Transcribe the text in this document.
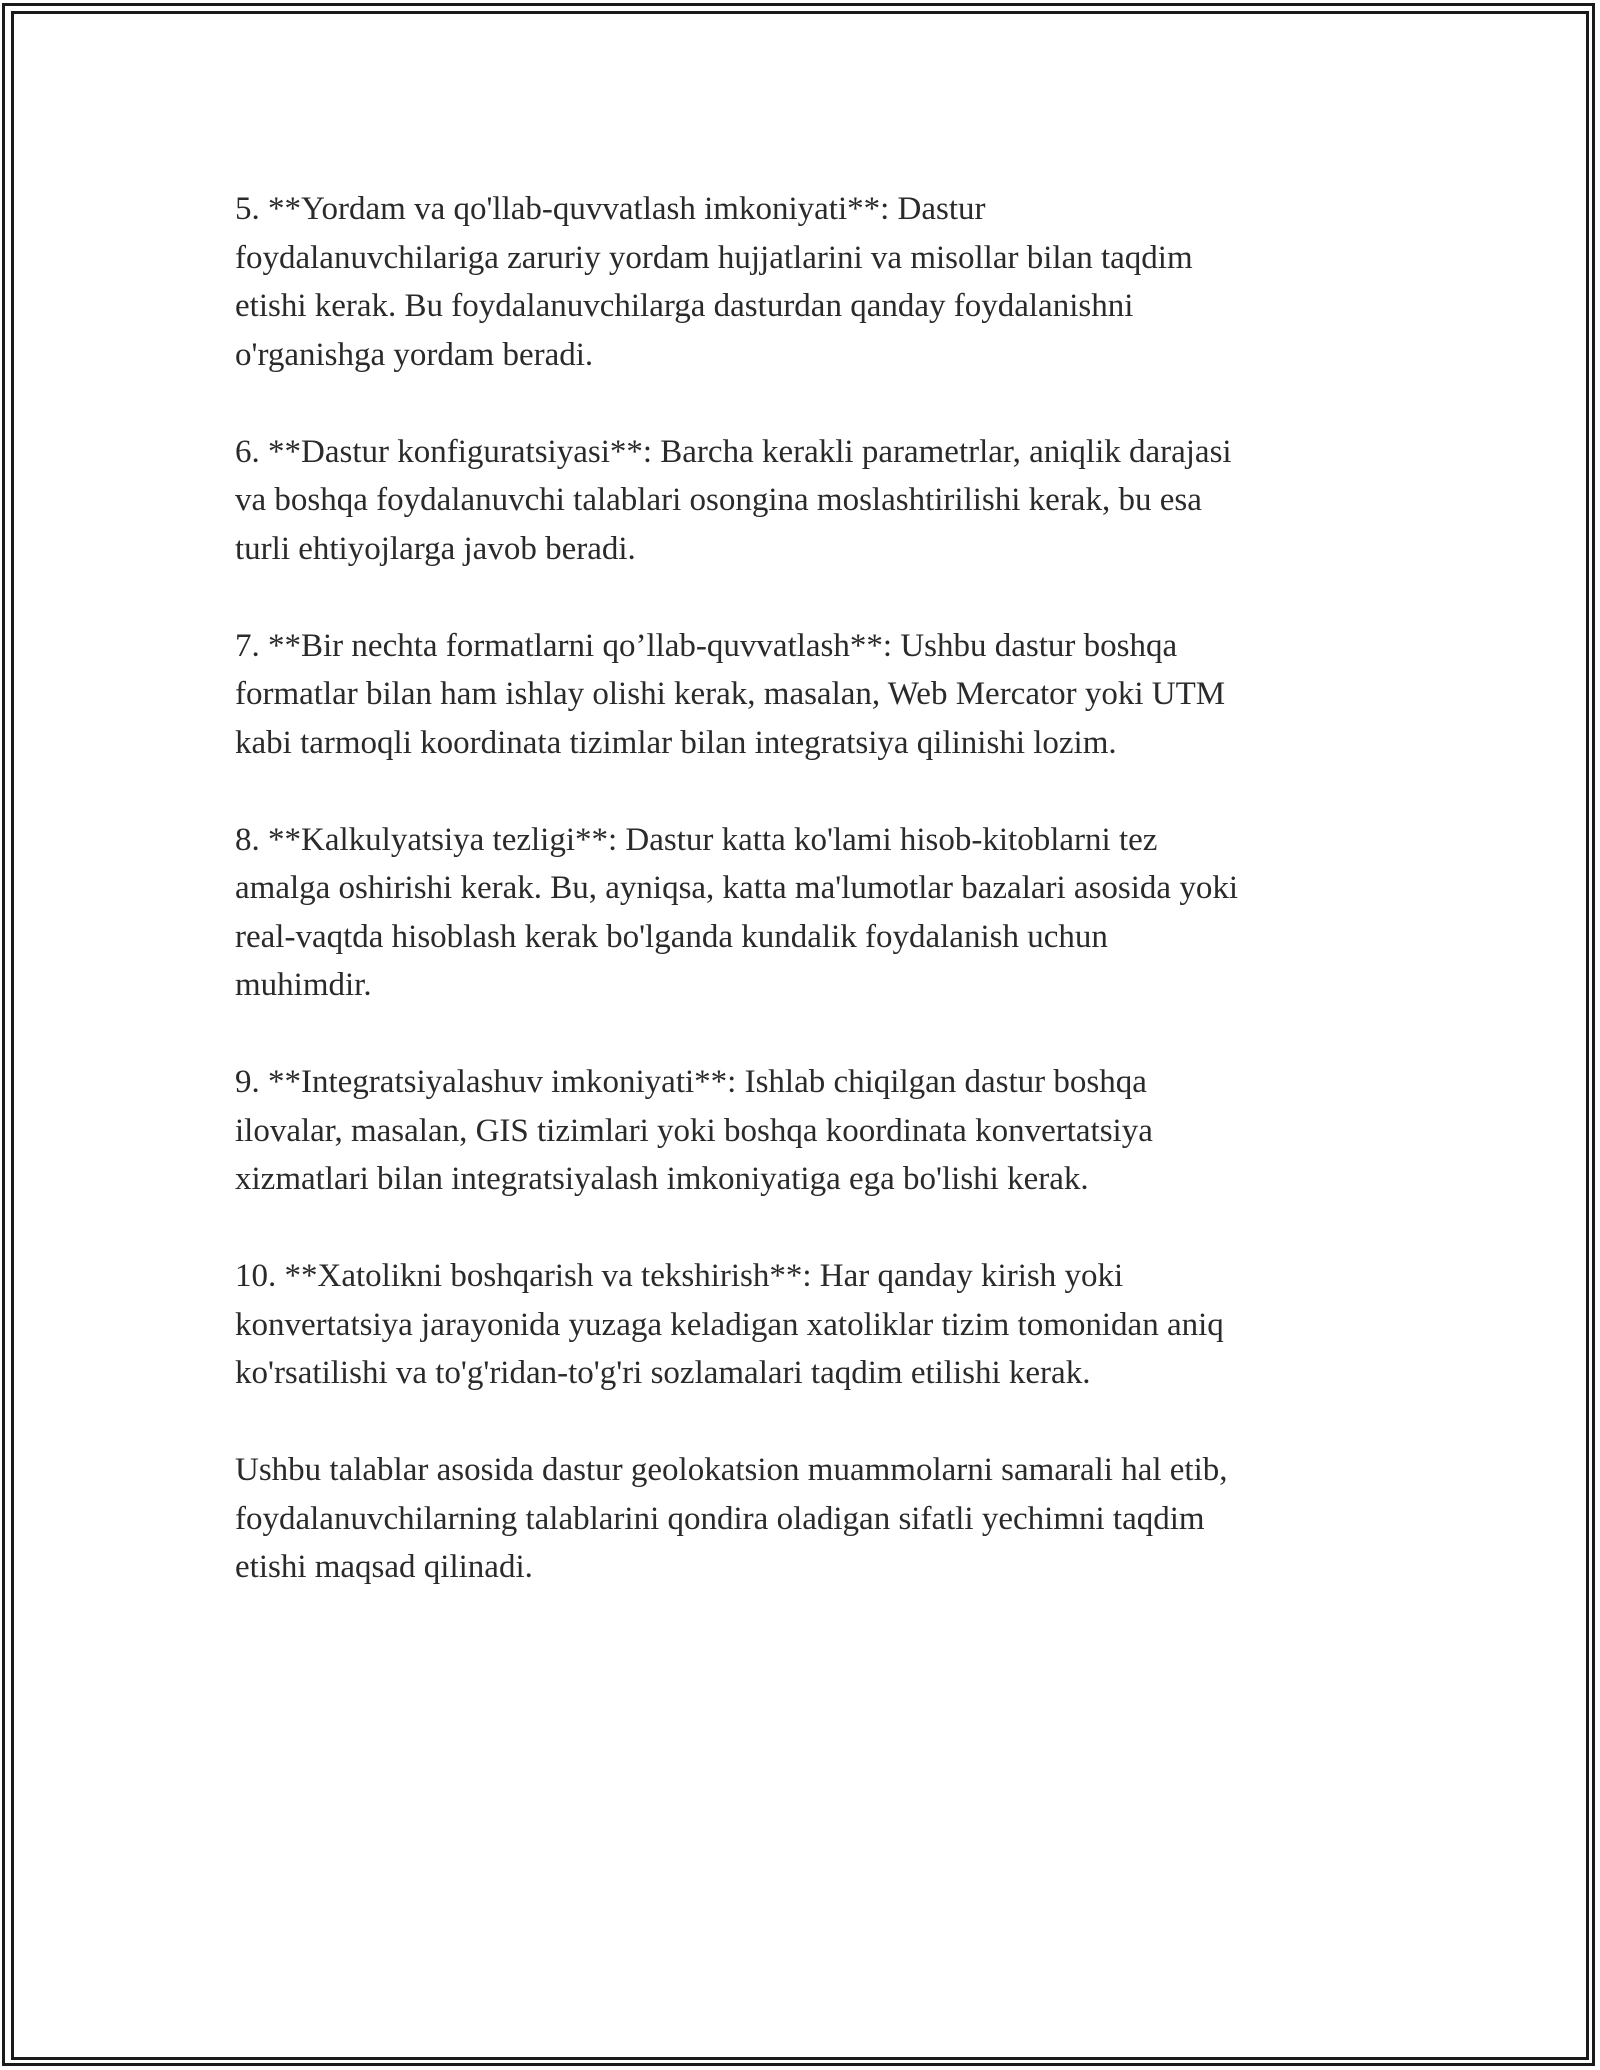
5. **Yordam va qo'llab-quvvatlash imkoniyati**: Dastur
foydalanuvchilariga zaruriy yordam hujjatlarini va misollar bilan taqdim
etishi kerak. Bu foydalanuvchilarga dasturdan qanday foydalanishni
o'rganishga yordam beradi.

6. **Dastur konfiguratsiyasi**: Barcha kerakli parametrlar, aniqlik darajasi
va boshqa foydalanuvchi talablari osongina moslashtirilishi kerak, bu esa
turli ehtiyojlarga javob beradi.

7. **Bir nechta formatlarni qo’llab-quvvatlash**: Ushbu dastur boshqa
formatlar bilan ham ishlay olishi kerak, masalan, Web Mercator yoki UTM
kabi tarmoqli koordinata tizimlar bilan integratsiya qilinishi lozim.

8. **Kalkulyatsiya tezligi**: Dastur katta ko'lami hisob-kitoblarni tez
amalga oshirishi kerak. Bu, ayniqsa, katta ma'lumotlar bazalari asosida yoki
real-vaqtda hisoblash kerak bo'lganda kundalik foydalanish uchun
muhimdir.

9. **Integratsiyalashuv imkoniyati**: Ishlab chiqilgan dastur boshqa
ilovalar, masalan, GIS tizimlari yoki boshqa koordinata konvertatsiya
xizmatlari bilan integratsiyalash imkoniyatiga ega bo'lishi kerak.

10. **Xatolikni boshqarish va tekshirish**: Har qanday kirish yoki
konvertatsiya jarayonida yuzaga keladigan xatoliklar tizim tomonidan aniq
ko'rsatilishi va to'g'ridan-to'g'ri sozlamalari taqdim etilishi kerak.

Ushbu talablar asosida dastur geolokatsion muammolarni samarali hal etib,
foydalanuvchilarning talablarini qondira oladigan sifatli yechimni taqdim
etishi maqsad qilinadi.
